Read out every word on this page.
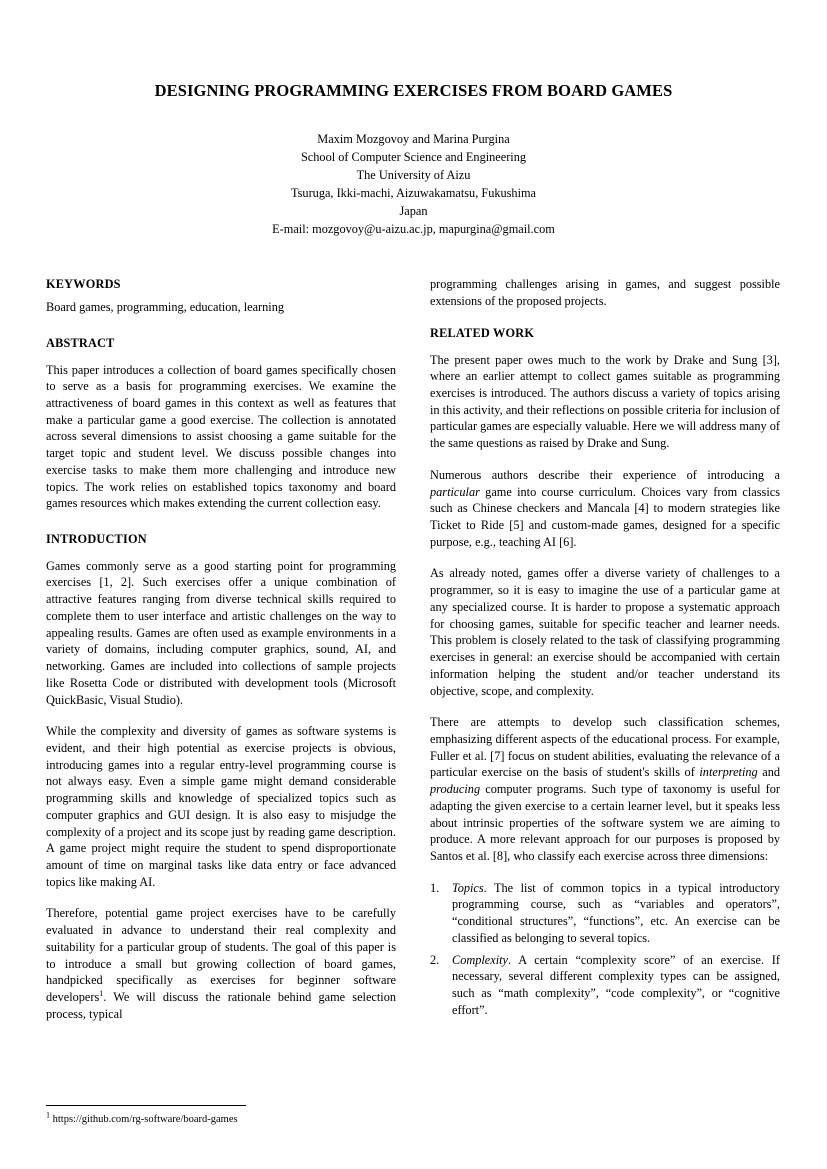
DESIGNING PROGRAMMING EXERCISES FROM BOARD GAMES
Maxim Mozgovoy and Marina Purgina
School of Computer Science and Engineering
The University of Aizu
Tsuruga, Ikki-machi, Aizuwakamatsu, Fukushima
Japan
E-mail: mozgovoy@u-aizu.ac.jp, mapurgina@gmail.com
KEYWORDS

Board games, programming, education, learning

ABSTRACT

This paper introduces a collection of board games specifically chosen to serve as a basis for programming exercises. We examine the attractiveness of board games in this context as well as features that make a particular game a good exercise. The collection is annotated across several dimensions to assist choosing a game suitable for the target topic and student level. We discuss possible changes into exercise tasks to make them more challenging and introduce new topics. The work relies on established topics taxonomy and board games resources which makes extending the current collection easy.

INTRODUCTION

Games commonly serve as a good starting point for programming exercises [1, 2]. Such exercises offer a unique combination of attractive features ranging from diverse technical skills required to complete them to user interface and artistic challenges on the way to appealing results. Games are often used as example environments in a variety of domains, including computer graphics, sound, AI, and networking. Games are included into collections of sample projects like Rosetta Code or distributed with development tools (Microsoft QuickBasic, Visual Studio).

While the complexity and diversity of games as software systems is evident, and their high potential as exercise projects is obvious, introducing games into a regular entry-level programming course is not always easy. Even a simple game might demand considerable programming skills and knowledge of specialized topics such as computer graphics and GUI design. It is also easy to misjudge the complexity of a project and its scope just by reading game description. A game project might require the student to spend disproportionate amount of time on marginal tasks like data entry or face advanced topics like making AI.

Therefore, potential game project exercises have to be carefully evaluated in advance to understand their real complexity and suitability for a particular group of students. The goal of this paper is to introduce a small but growing collection of board games, handpicked specifically as exercises for beginner software developers$^1$. We will discuss the rationale behind game selection process, typical

programming challenges arising in games, and suggest possible extensions of the proposed projects.

RELATED WORK

The present paper owes much to the work by Drake and Sung [3], where an earlier attempt to collect games suitable as programming exercises is introduced. The authors discuss a variety of topics arising in this activity, and their reflections on possible criteria for inclusion of particular games are especially valuable. Here we will address many of the same questions as raised by Drake and Sung.

Numerous authors describe their experience of introducing a particular game into course curriculum. Choices vary from classics such as Chinese checkers and Mancala [4] to modern strategies like Ticket to Ride [5] and custom-made games, designed for a specific purpose, e.g., teaching AI [6].

As already noted, games offer a diverse variety of challenges to a programmer, so it is easy to imagine the use of a particular game at any specialized course. It is harder to propose a systematic approach for choosing games, suitable for specific teacher and learner needs. This problem is closely related to the task of classifying programming exercises in general: an exercise should be accompanied with certain information helping the student and/or teacher understand its objective, scope, and complexity.

There are attempts to develop such classification schemes, emphasizing different aspects of the educational process. For example, Fuller et al. [7] focus on student abilities, evaluating the relevance of a particular exercise on the basis of student's skills of interpreting and producing computer programs. Such type of taxonomy is useful for adapting the given exercise to a certain learner level, but it speaks less about intrinsic properties of the software system we are aiming to produce. A more relevant approach for our purposes is proposed by Santos et al. [8], who classify each exercise across three dimensions:

1.	Topics. The list of common topics in a typical introductory programming course, such as “variables and operators”, “conditional structures”, “functions”, etc. An exercise can be classified as belonging to several topics.
2.	Complexity. A certain “complexity score” of an exercise. If necessary, several different complexity types can be assigned, such as “math complexity”, “code complexity”, or “cognitive effort”.
$^1$ https://github.com/rg-software/board-games
